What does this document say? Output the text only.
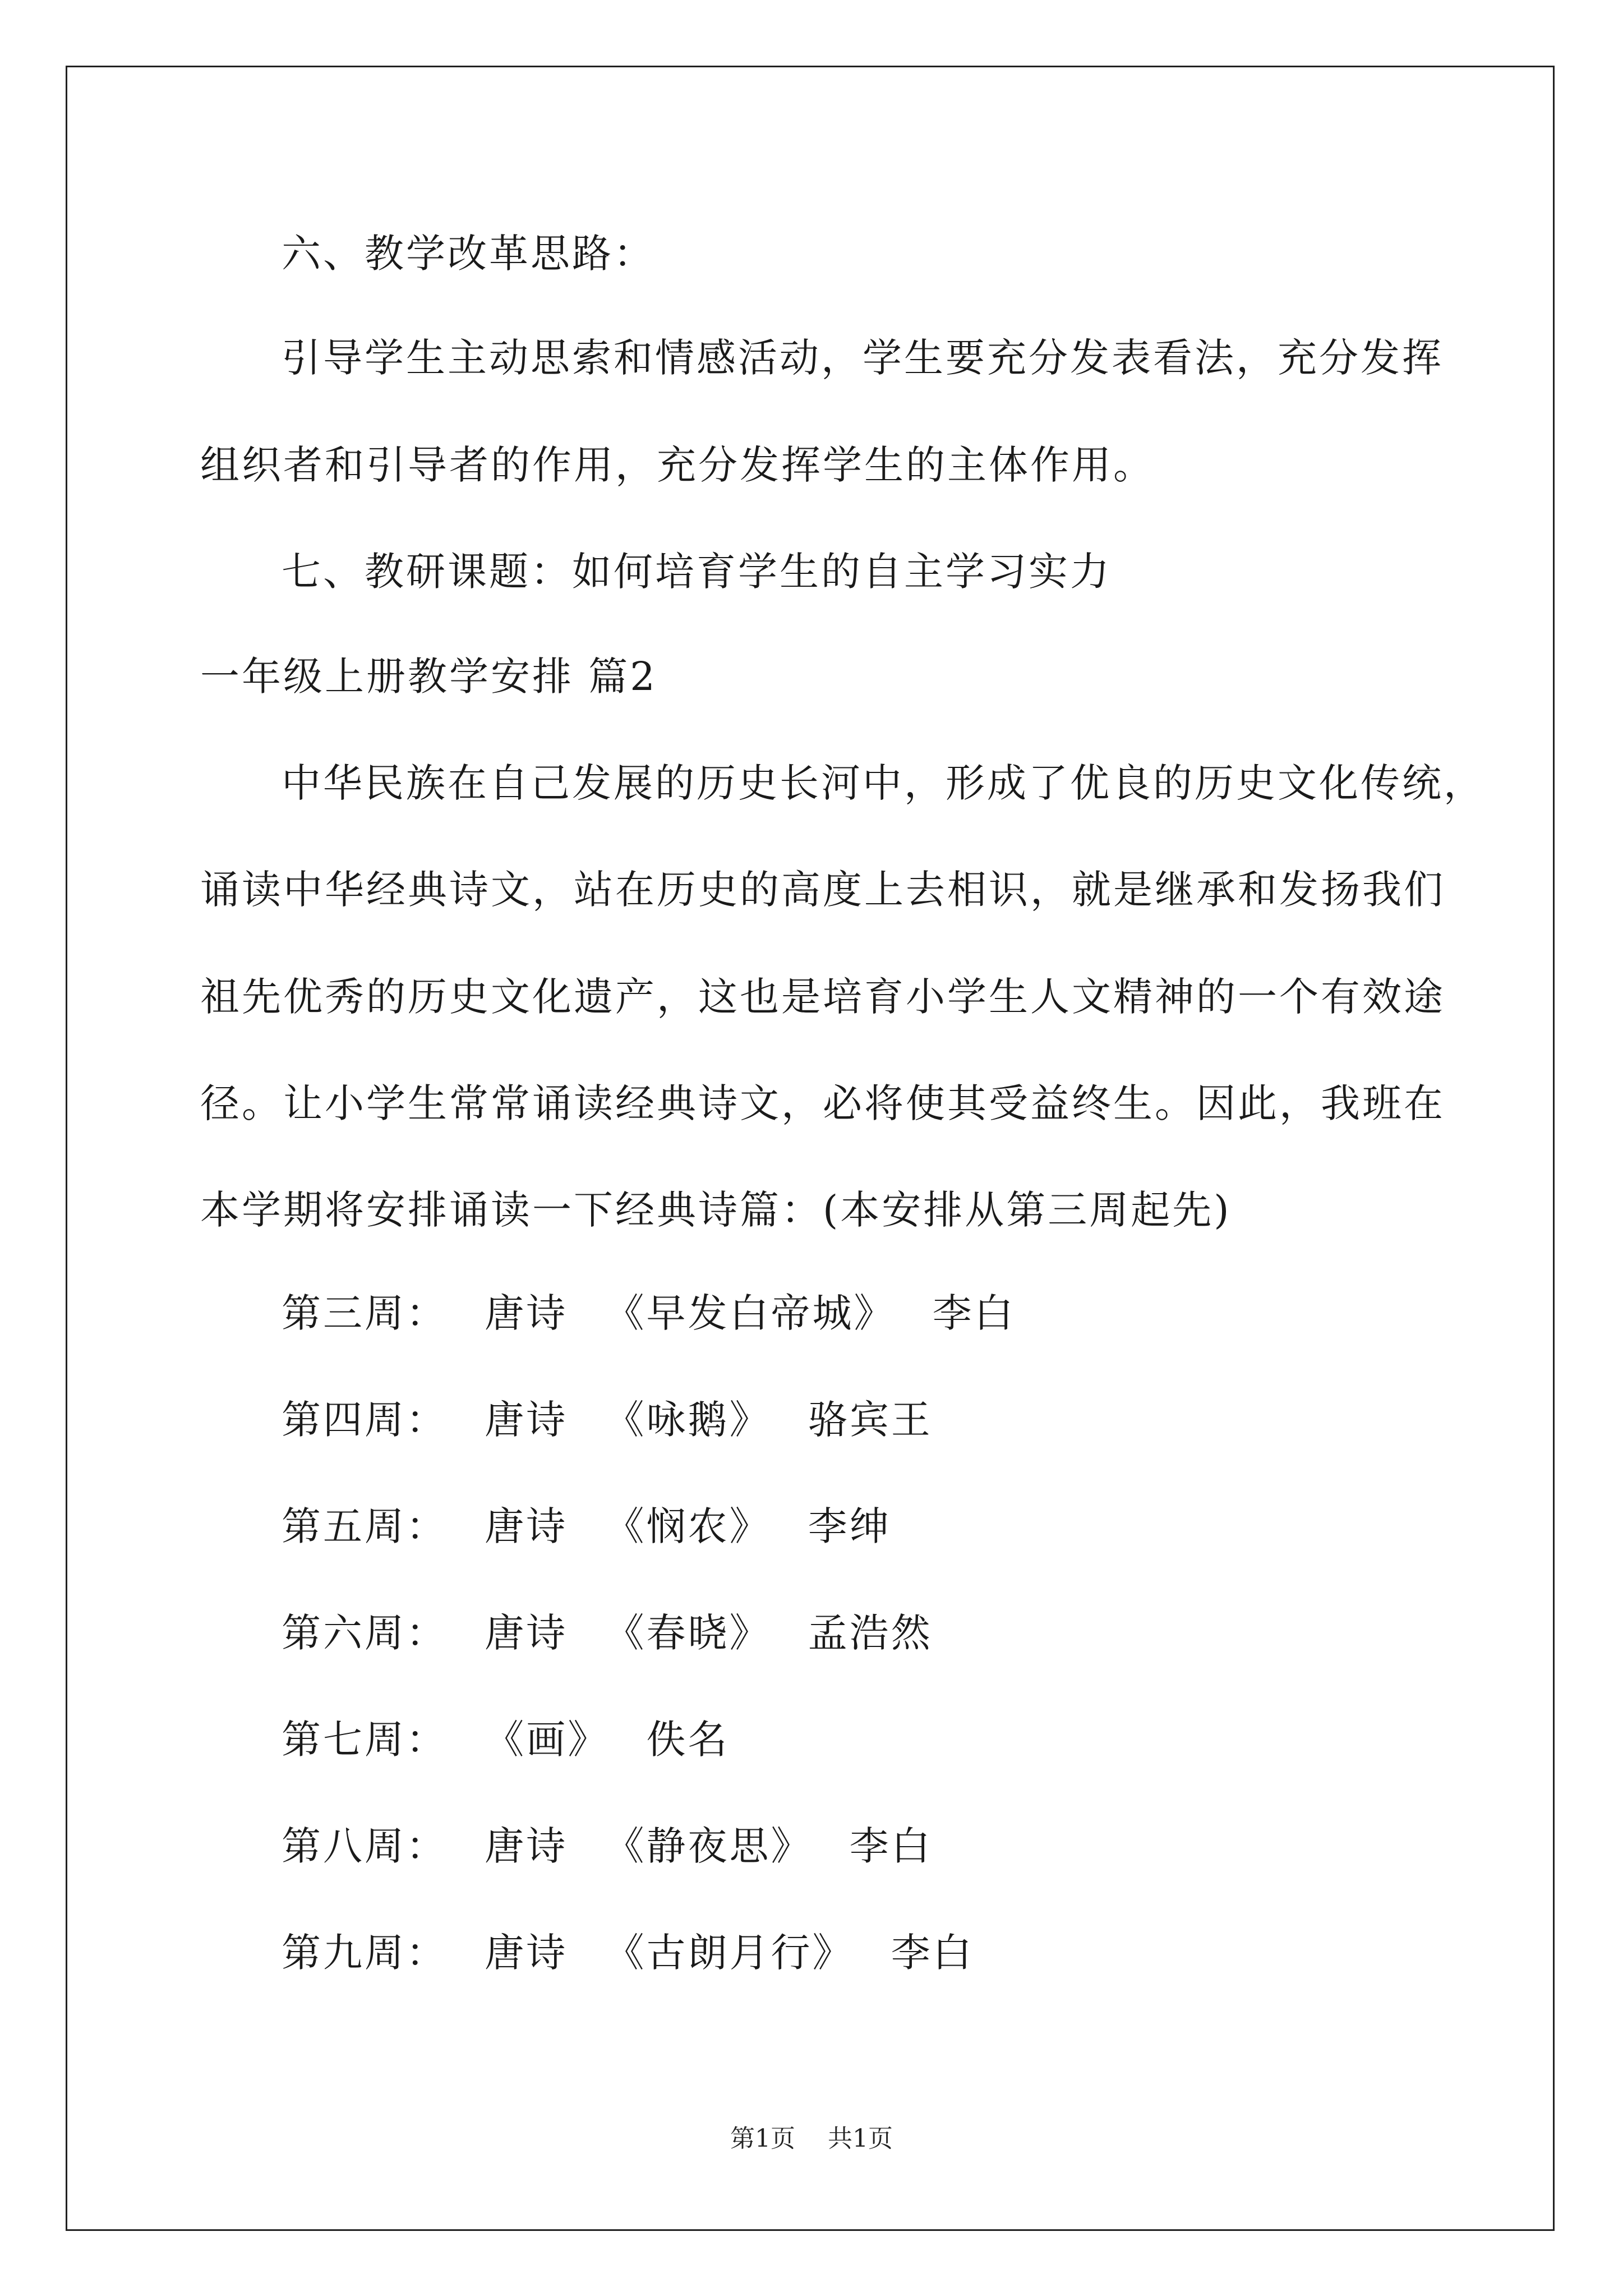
六、教学改革思路：
引导学生主动思索和情感活动，学生要充分发表看法，充分发挥
组织者和引导者的作用，充分发挥学生的主体作用。
七、教研课题：如何培育学生的自主学习实力
一年级上册教学安排 篇2
中华民族在自己发展的历史长河中，形成了优良的历史文化传统，
诵读中华经典诗文，站在历史的高度上去相识，就是继承和发扬我们
祖先优秀的历史文化遗产，这也是培育小学生人文精神的一个有效途
径。让小学生常常诵读经典诗文，必将使其受益终生。因此，我班在
本学期将安排诵读一下经典诗篇：(本安排从第三周起先)
第三周： 唐诗 《早发白帝城》 李白
第四周： 唐诗 《咏鹅》 骆宾王
第五周： 唐诗 《悯农》 李绅
第六周： 唐诗 《春晓》 孟浩然
第七周： 《画》 佚名
第八周： 唐诗 《静夜思》 李白
第九周： 唐诗 《古朗月行》 李白
第1页 共1页
